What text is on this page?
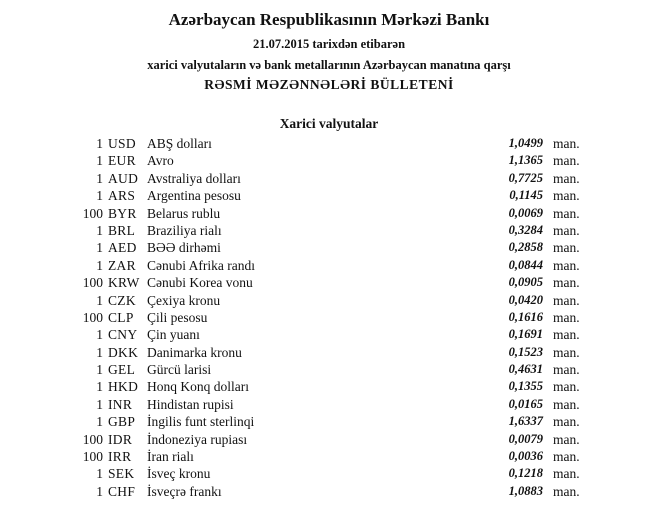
Azərbaycan Respublikasının Mərkəzi Bankı
21.07.2015 tarixdən etibarən
xarici valyutaların və bank metallarının Azərbaycan manatına qarşı
RƏSMİ MƏZƏNNƏLƏRİ BÜLLETENİ
Xarici valyutalar
1 USD ABŞ dolları	1,0499 man.
1 EUR Avro	1,1365 man.
1 AUD Avstraliya dolları	0,7725 man.
1 ARS Argentina pesosu	0,1145 man.
100 BYR Belarus rublu	0,0069 man.
1 BRL Braziliya rialı	0,3284 man.
1 AED BƏƏ dirhəmi	0,2858 man.
1 ZAR Cənubi Afrika randı	0,0844 man.
100 KRW Cənubi Korea vonu	0,0905 man.
1 CZK Çexiya kronu	0,0420 man.
100 CLP Çili pesosu	0,1616 man.
1 CNY Çin yuanı	0,1691 man.
1 DKK Danimarka kronu	0,1523 man.
1 GEL Gürcü larisi	0,4631 man.
1 HKD Honq Konq dolları	0,1355 man.
1 INR	Hindistan rupisi	0,0165 man.
1 GBP İngilis funt sterlinqi	1,6337 man.
100 IDR	İndoneziya rupiası	0,0079 man.
100 IRR	İran rialı	0,0036 man.
1 SEK İsveç kronu	0,1218 man.
1 CHF İsveçrə frankı	1,0883 man.
